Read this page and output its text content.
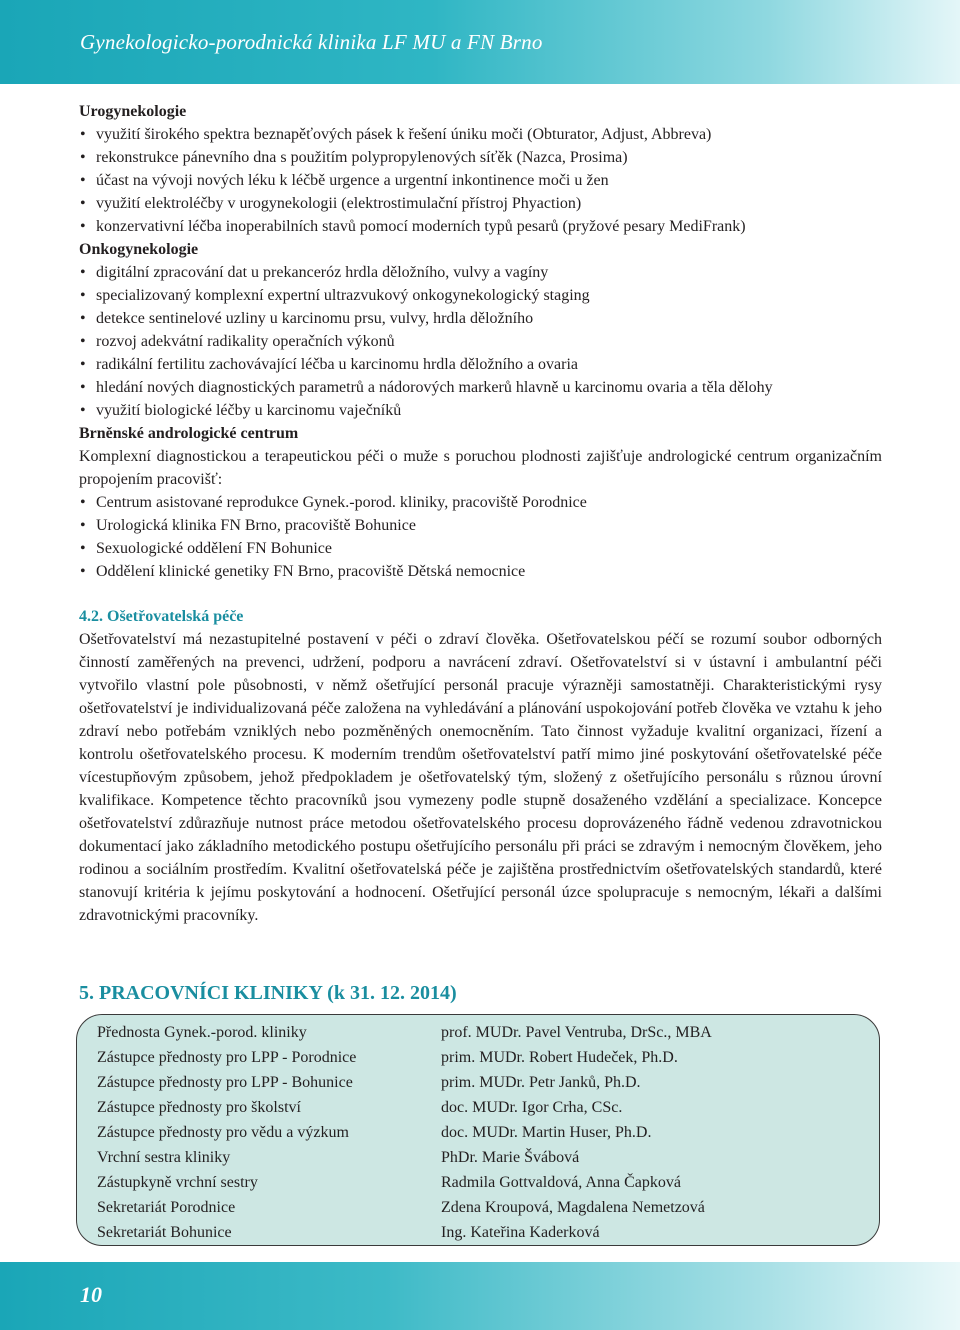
Gynekologicko-porodnická klinika LF MU a FN Brno
Urogynekologie
• využití širokého spektra beznapěťových pásek k řešení úniku moči (Obturator, Adjust, Abbreva)
• rekonstrukce pánevního dna s použitím polypropylenových síťěk (Nazca, Prosima)
• účast na vývoji nových léku k léčbě urgence a urgentní inkontinence moči u žen
• využití elektroléčby v urogynekologii (elektrostimulační přístroj Phyaction)
• konzervativní léčba inoperabilních stavů pomocí moderních typů pesarů (pryžové pesary MediFrank)
Onkogynekologie
• digitální zpracování dat u prekanceróz hrdla děložního, vulvy a vagíny
• specializovaný komplexní expertní ultrazvukový onkogynekologický staging
• detekce sentinelové uzliny u karcinomu prsu, vulvy, hrdla děložního
• rozvoj adekvátní radikality operačních výkonů
• radikální fertilitu zachovávající léčba u karcinomu hrdla děložního a ovaria
• hledání nových diagnostických parametrů a nádorových markerů hlavně u karcinomu ovaria a těla dělohy
• využití biologické léčby u karcinomu vaječníků
Brněnské andrologické centrum

Komplexní diagnostickou a terapeutickou péči o muže s poruchou plodnosti zajišťuje andrologické centrum organizačním propojením pracovišť:

• Centrum asistované reprodukce Gynek.-porod. kliniky, pracoviště Porodnice
• Urologická klinika FN Brno, pracoviště Bohunice
• Sexuologické oddělení FN Bohunice
• Oddělení klinické genetiky FN Brno, pracoviště Dětská nemocnice
4.2. Ošetřovatelská péče

Ošetřovatelství má nezastupitelné postavení v péči o zdraví člověka. Ošetřovatelskou péčí se rozumí soubor odborných činností zaměřených na prevenci, udržení, podporu a navrácení zdraví. Ošetřovatelství si v ústavní i ambulantní péči vytvořilo vlastní pole působnosti, v němž ošetřující personál pracuje výrazněji samostatněji. Charakteristickými rysy ošetřovatelství je individualizovaná péče založena na vyhledávání a plánování uspokojování potřeb člověka ve vztahu k jeho zdraví nebo potřebám vzniklých nebo pozměněných onemocněním. Tato činnost vyžaduje kvalitní organizaci, řízení a kontrolu ošetřovatelského procesu. K moderním trendům ošetřovatelství patří mimo jiné poskytování ošetřovatelské péče vícestupňovým způsobem, jehož předpokladem je ošetřovatelský tým, složený z ošetřujícího personálu s různou úrovní kvalifikace. Kompetence těchto pracovníků jsou vymezeny podle stupně dosaženého vzdělání a specializace. Koncepce ošetřovatelství zdůrazňuje nutnost práce metodou ošetřovatelského procesu doprovázeného řádně vedenou zdravotnickou dokumentací jako základního metodického postupu ošetřujícího personálu při práci se zdravým i nemocným člověkem, jeho rodinou a sociálním prostředím. Kvalitní ošetřovatelská péče je zajištěna prostřednictvím ošetřovatelských standardů, které stanovují kritéria k jejímu poskytování a hodnocení. Ošetřující personál úzce spolupracuje s nemocným, lékaři a dalšími zdravotnickými pracovníky.

5. PRACOVNÍCI KLINIKY (k 31. 12. 2014)
Přednosta Gynek.-porod. kliniky	prof. MUDr. Pavel Ventruba, DrSc., MBA
Zástupce přednosty pro LPP - Porodnice	prim. MUDr. Robert Hudeček, Ph.D.
Zástupce přednosty pro LPP - Bohunice	prim. MUDr. Petr Janků, Ph.D.
Zástupce přednosty pro školství	doc. MUDr. Igor Crha, CSc.
Zástupce přednosty pro vědu a výzkum	doc. MUDr. Martin Huser, Ph.D.
Vrchní sestra kliniky	PhDr. Marie Švábová
Zástupkyně vrchní sestry	Radmila Gottvaldová, Anna Čapková
Sekretariát Porodnice	Zdena Kroupová, Magdalena Nemetzová
Sekretariát Bohunice	Ing. Kateřina Kaderková
10
